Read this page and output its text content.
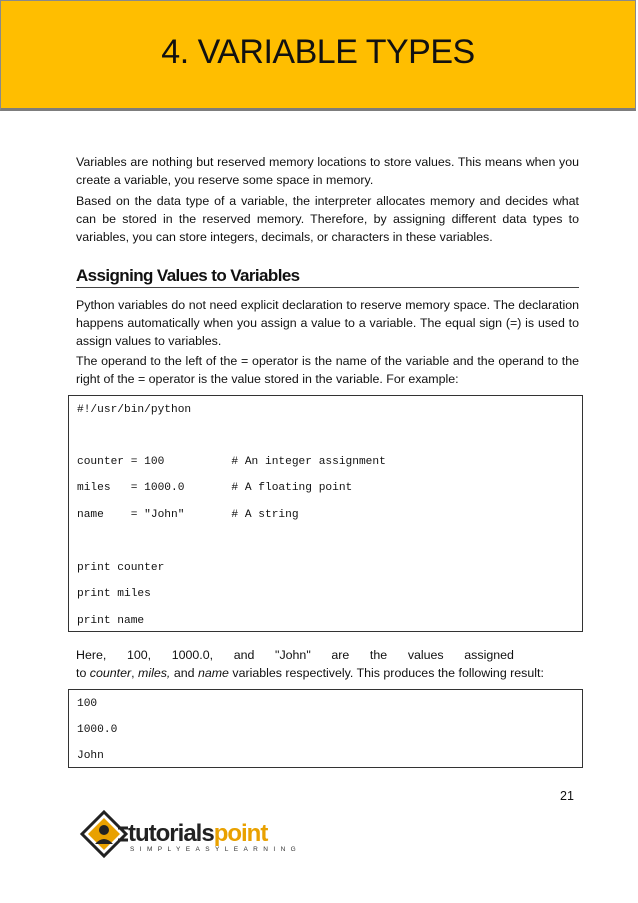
4. VARIABLE TYPES

Variables are nothing but reserved memory locations to store values. This means when you create a variable, you reserve some space in memory.

Based on the data type of a variable, the interpreter allocates memory and decides what can be stored in the reserved memory. Therefore, by assigning different data types to variables, you can store integers, decimals, or characters in these variables.

Assigning Values to Variables

Python variables do not need explicit declaration to reserve memory space. The declaration happens automatically when you assign a value to a variable. The equal sign (=) is used to assign values to variables.

The operand to the left of the = operator is the name of the variable and the operand to the right of the = operator is the value stored in the variable. For example:

#!/usr/bin/python
counter = 100          # An integer assignment
miles   = 1000.0       # A floating point
name    = "John"       # A string
print counter
print miles
print name
Here,      100,      1000.0,      and      "John"      are      the      values      assigned
to counter, miles, and name variables respectively. This produces the following result:
100
1000.0
John
21
tutorialspoint
SIMPLYEASYLEARNING
